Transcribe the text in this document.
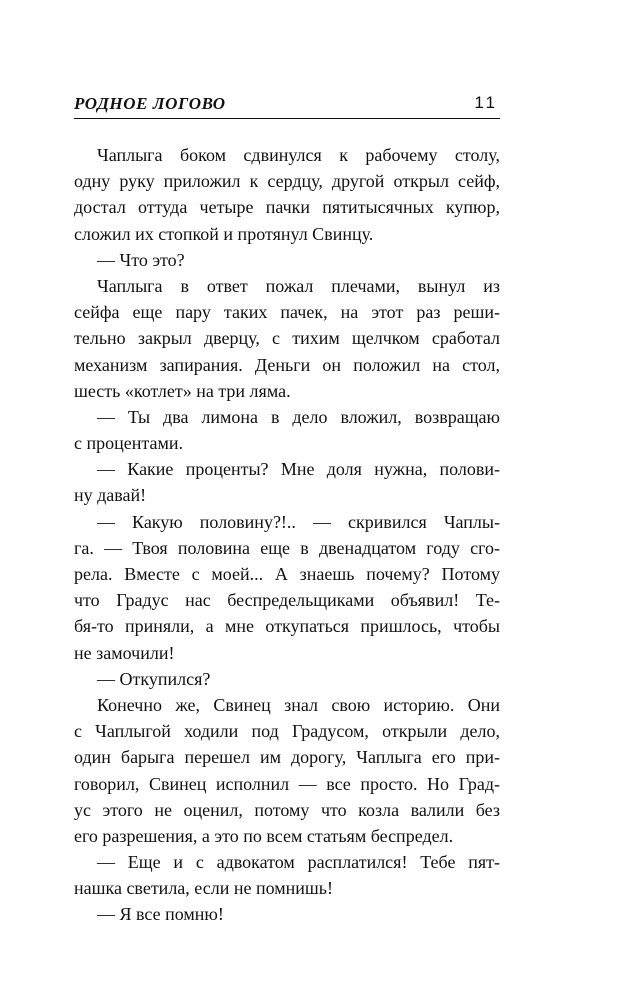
РОДНОЕ ЛОГОВО	11
Чаплыга боком сдвинулся к рабочему столу,
одну руку приложил к сердцу, другой открыл сейф,
достал оттуда четыре пачки пятитысячных купюр,
сложил их стопкой и протянул Свинцу.
— Что это?
Чаплыга в ответ пожал плечами, вынул из
сейфа еще пару таких пачек, на этот раз реши-
тельно закрыл дверцу, с тихим щелчком сработал
механизм запирания. Деньги он положил на стол,
шесть «котлет» на три ляма.
— Ты два лимона в дело вложил, возвращаю
с процентами.
— Какие проценты? Мне доля нужна, полови-
ну давай!
— Какую половину?!.. — скривился Чаплы-
га. — Твоя половина еще в двенадцатом году сго-
рела. Вместе с моей... А знаешь почему? Потому
что Градус нас беспредельщиками объявил! Те-
бя-то приняли, а мне откупаться пришлось, чтобы
не замочили!
— Откупился?
Конечно же, Свинец знал свою историю. Они
с Чаплыгой ходили под Градусом, открыли дело,
один барыга перешел им дорогу, Чаплыга его при-
говорил, Свинец исполнил — все просто. Но Град-
ус этого не оценил, потому что козла валили без
его разрешения, а это по всем статьям беспредел.
— Еще и с адвокатом расплатился! Тебе пят-
нашка светила, если не помнишь!
— Я все помню!
